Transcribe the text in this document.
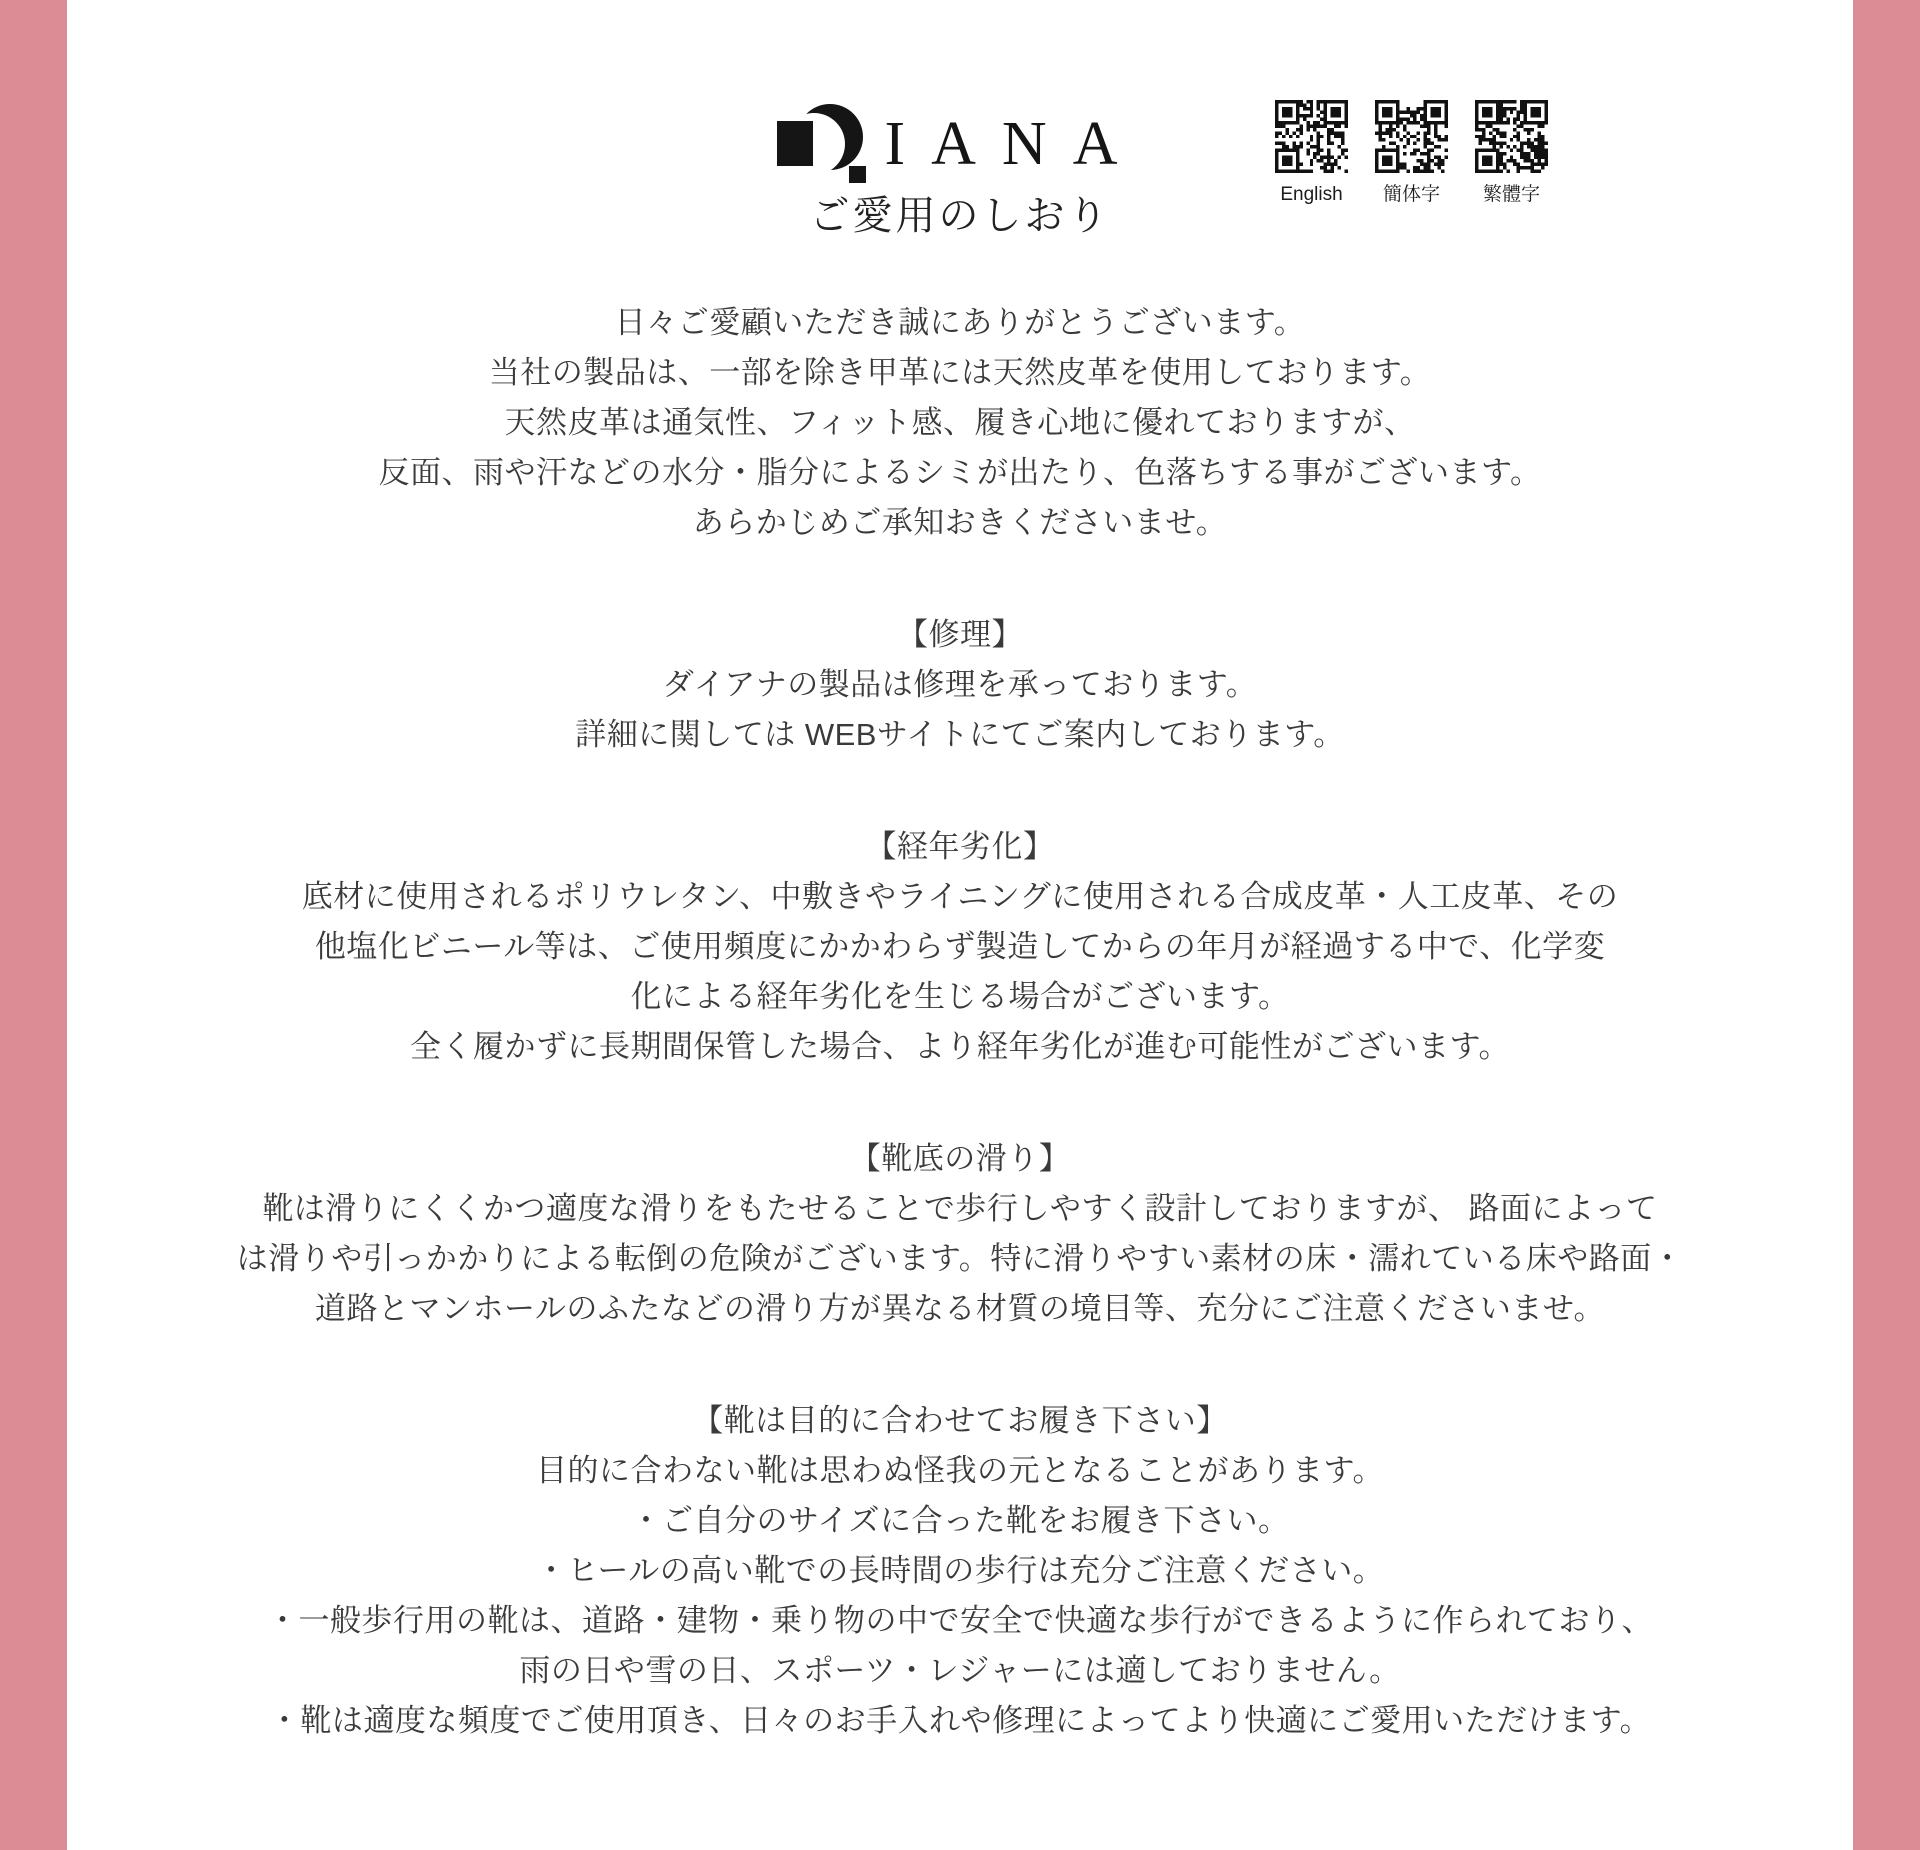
IANA
ご愛用のしおり	English 簡体字 繁體字

日々ご愛顧いただき誠にありがとうございます。

当社の製品は、一部を除き甲革には天然皮革を使用しております。

天然皮革は通気性、フィット感、履き心地に優れておりますが、

反面、雨や汗などの水分・脂分によるシミが出たり、色落ちする事がございます。

あらかじめご承知おきくださいませ。

【修理】

ダイアナの製品は修理を承っております。

詳細に関しては WEBサイトにてご案内しております。

【経年劣化】

底材に使用されるポリウレタン、中敷きやライニングに使用される合成皮革・人工皮革、その

他塩化ビニール等は、ご使用頻度にかかわらず製造してからの年月が経過する中で、化学変

化による経年劣化を生じる場合がございます。

全く履かずに長期間保管した場合、より経年劣化が進む可能性がございます。

【靴底の滑り】

靴は滑りにくくかつ適度な滑りをもたせることで歩行しやすく設計しておりますが、 路面によって

は滑りや引っかかりによる転倒の危険がございます。特に滑りやすい素材の床・濡れている床や路面・

道路とマンホールのふたなどの滑り方が異なる材質の境目等、充分にご注意くださいませ。

【靴は目的に合わせてお履き下さい】

目的に合わない靴は思わぬ怪我の元となることがあります。

・ご自分のサイズに合った靴をお履き下さい。

・ヒールの高い靴での長時間の歩行は充分ご注意ください。

・一般歩行用の靴は、道路・建物・乗り物の中で安全で快適な歩行ができるように作られており、

雨の日や雪の日、スポーツ・レジャーには適しておりません。

・靴は適度な頻度でご使用頂き、日々のお手入れや修理によってより快適にご愛用いただけます。
